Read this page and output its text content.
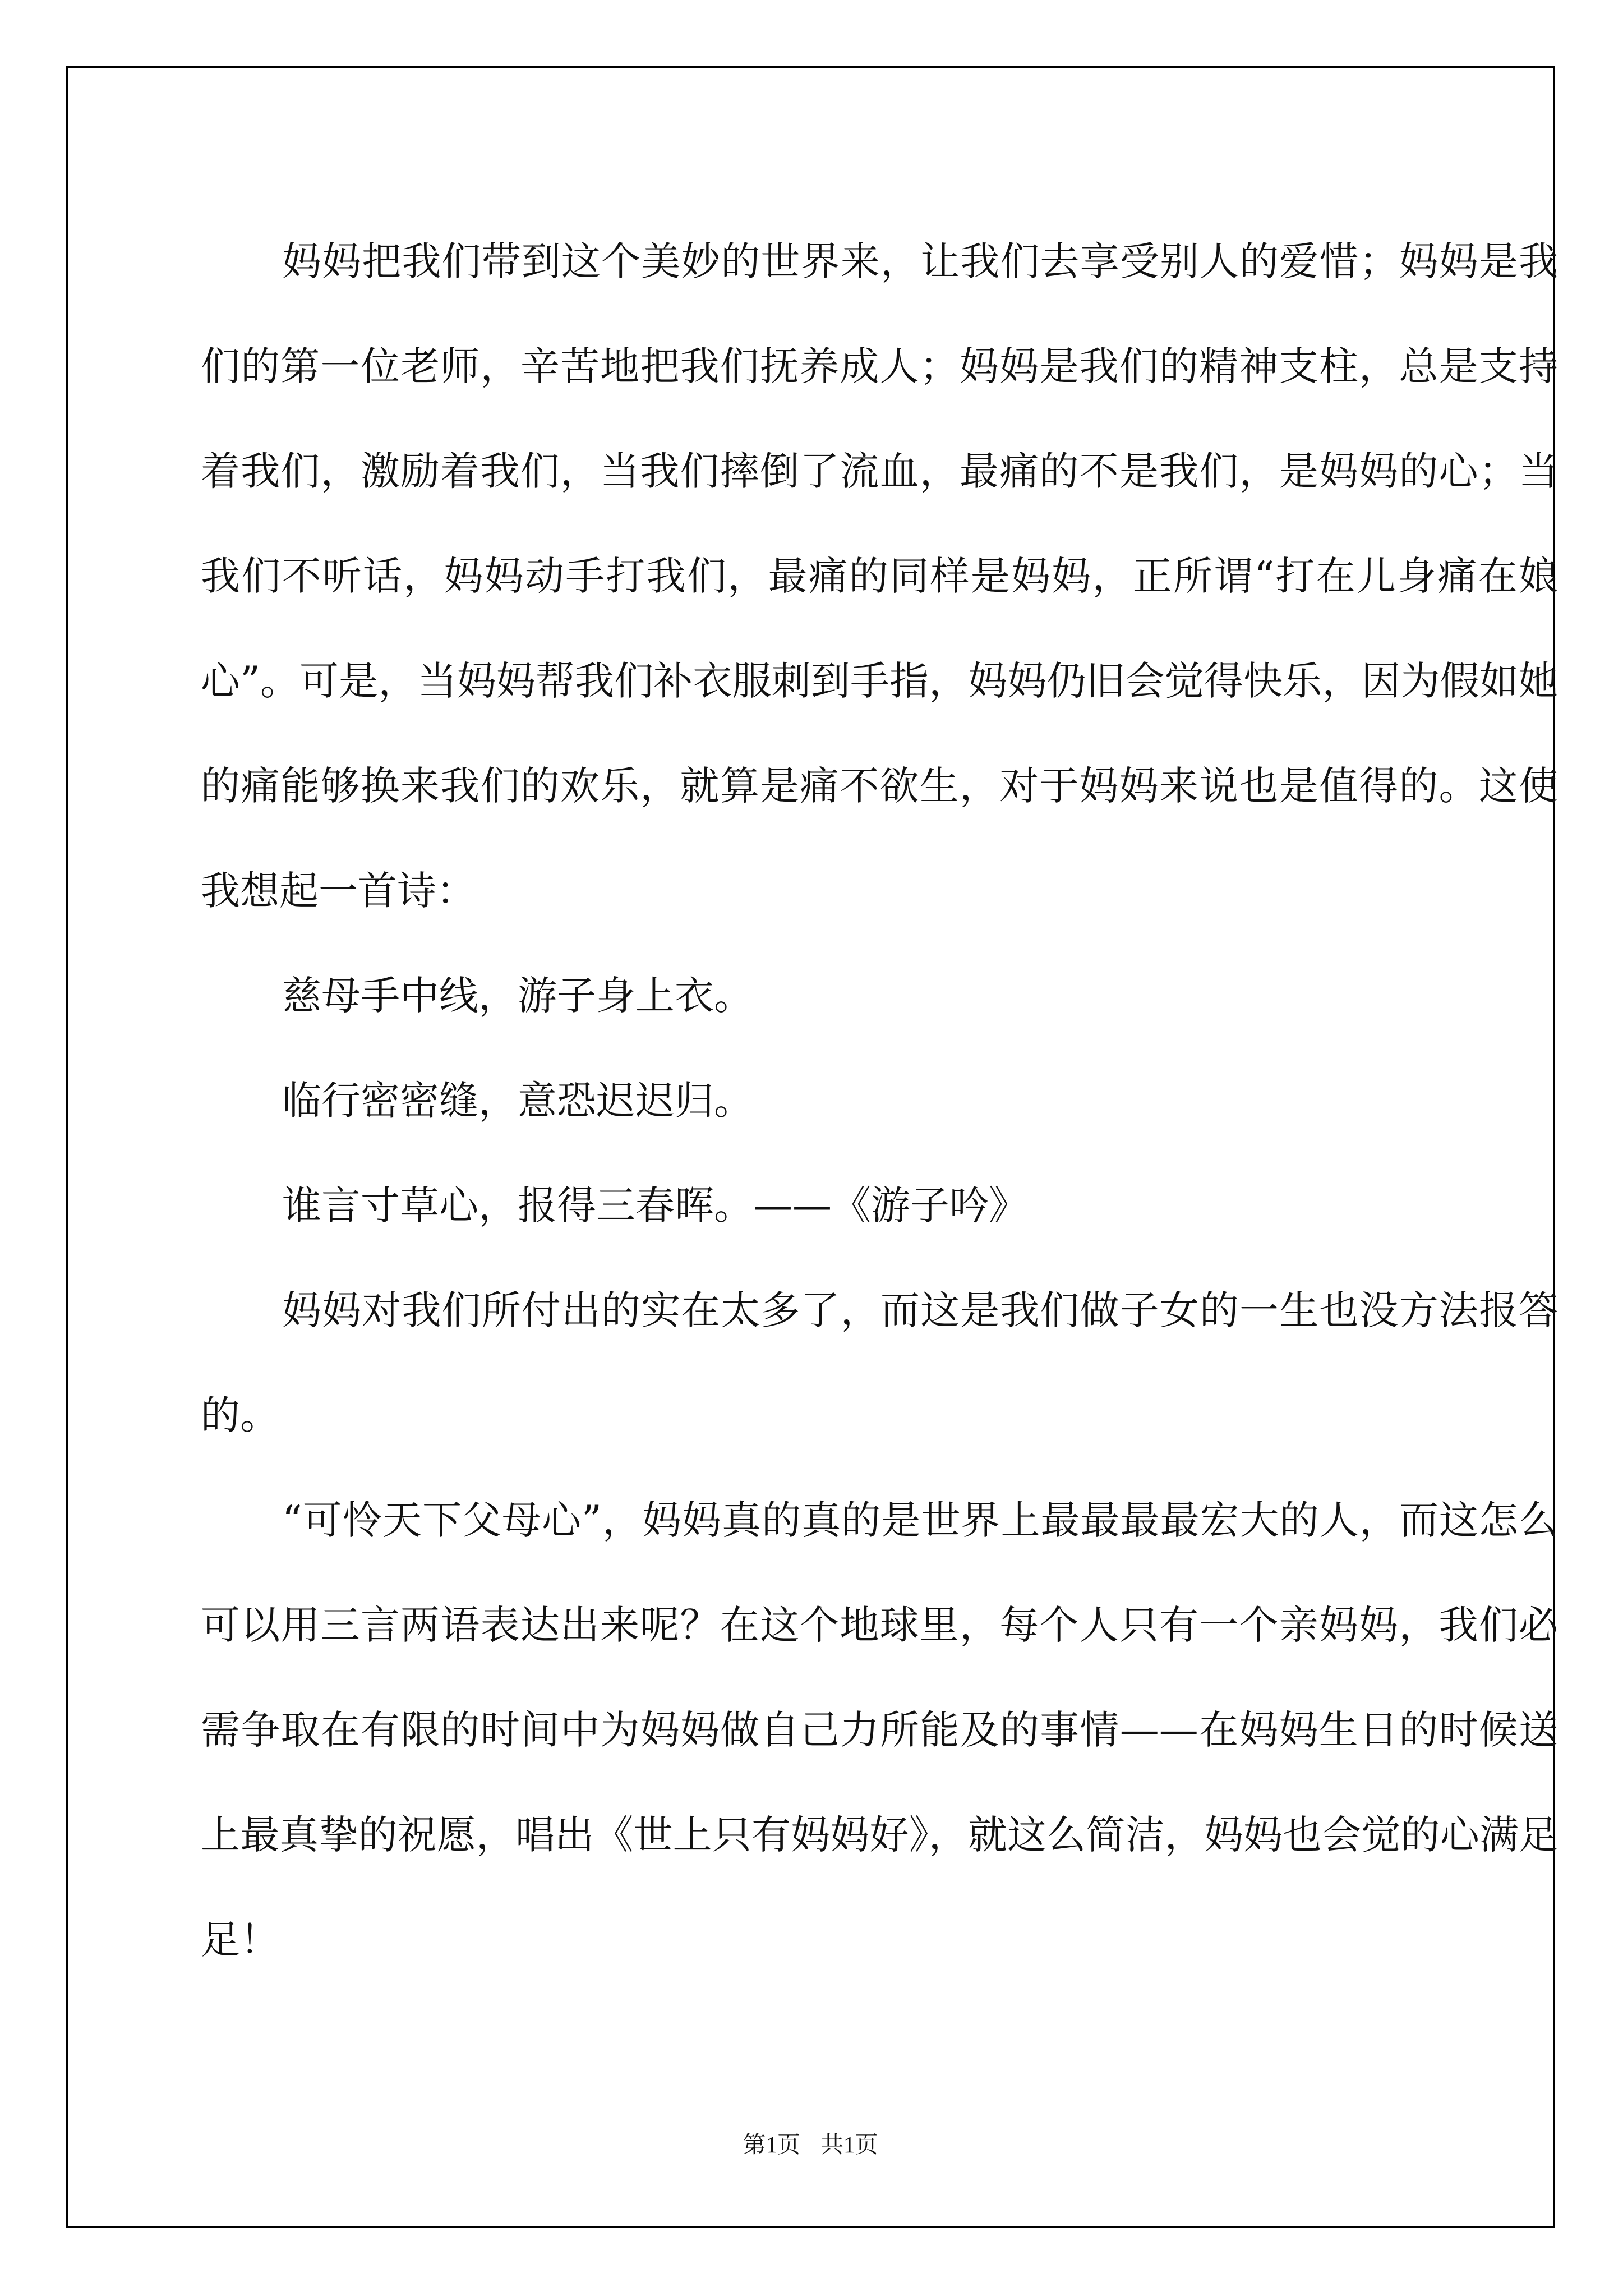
妈妈把我们带到这个美妙的世界来，让我们去享受别人的爱惜；妈妈是我们的第一位老师，辛苦地把我们抚养成人；妈妈是我们的精神支柱，总是支持着我们，激励着我们，当我们摔倒了流血，最痛的不是我们，是妈妈的心；当我们不听话，妈妈动手打我们，最痛的同样是妈妈，正所谓“打在儿身痛在娘心”。可是，当妈妈帮我们补衣服刺到手指，妈妈仍旧会觉得快乐，因为假如她的痛能够换来我们的欢乐，就算是痛不欲生，对于妈妈来说也是值得的。这使我想起一首诗：

慈母手中线，游子身上衣。

临行密密缝，意恐迟迟归。

谁言寸草心，报得三春晖。——《游子吟》

妈妈对我们所付出的实在太多了，而这是我们做子女的一生也没方法报答的。

“可怜天下父母心”，妈妈真的真的是世界上最最最最宏大的人，而这怎么可以用三言两语表达出来呢？在这个地球里，每个人只有一个亲妈妈，我们必需争取在有限的时间中为妈妈做自己力所能及的事情——在妈妈生日的时候送上最真挚的祝愿，唱出《世上只有妈妈好》，就这么简洁，妈妈也会觉的心满足足！

第1页 共1页
